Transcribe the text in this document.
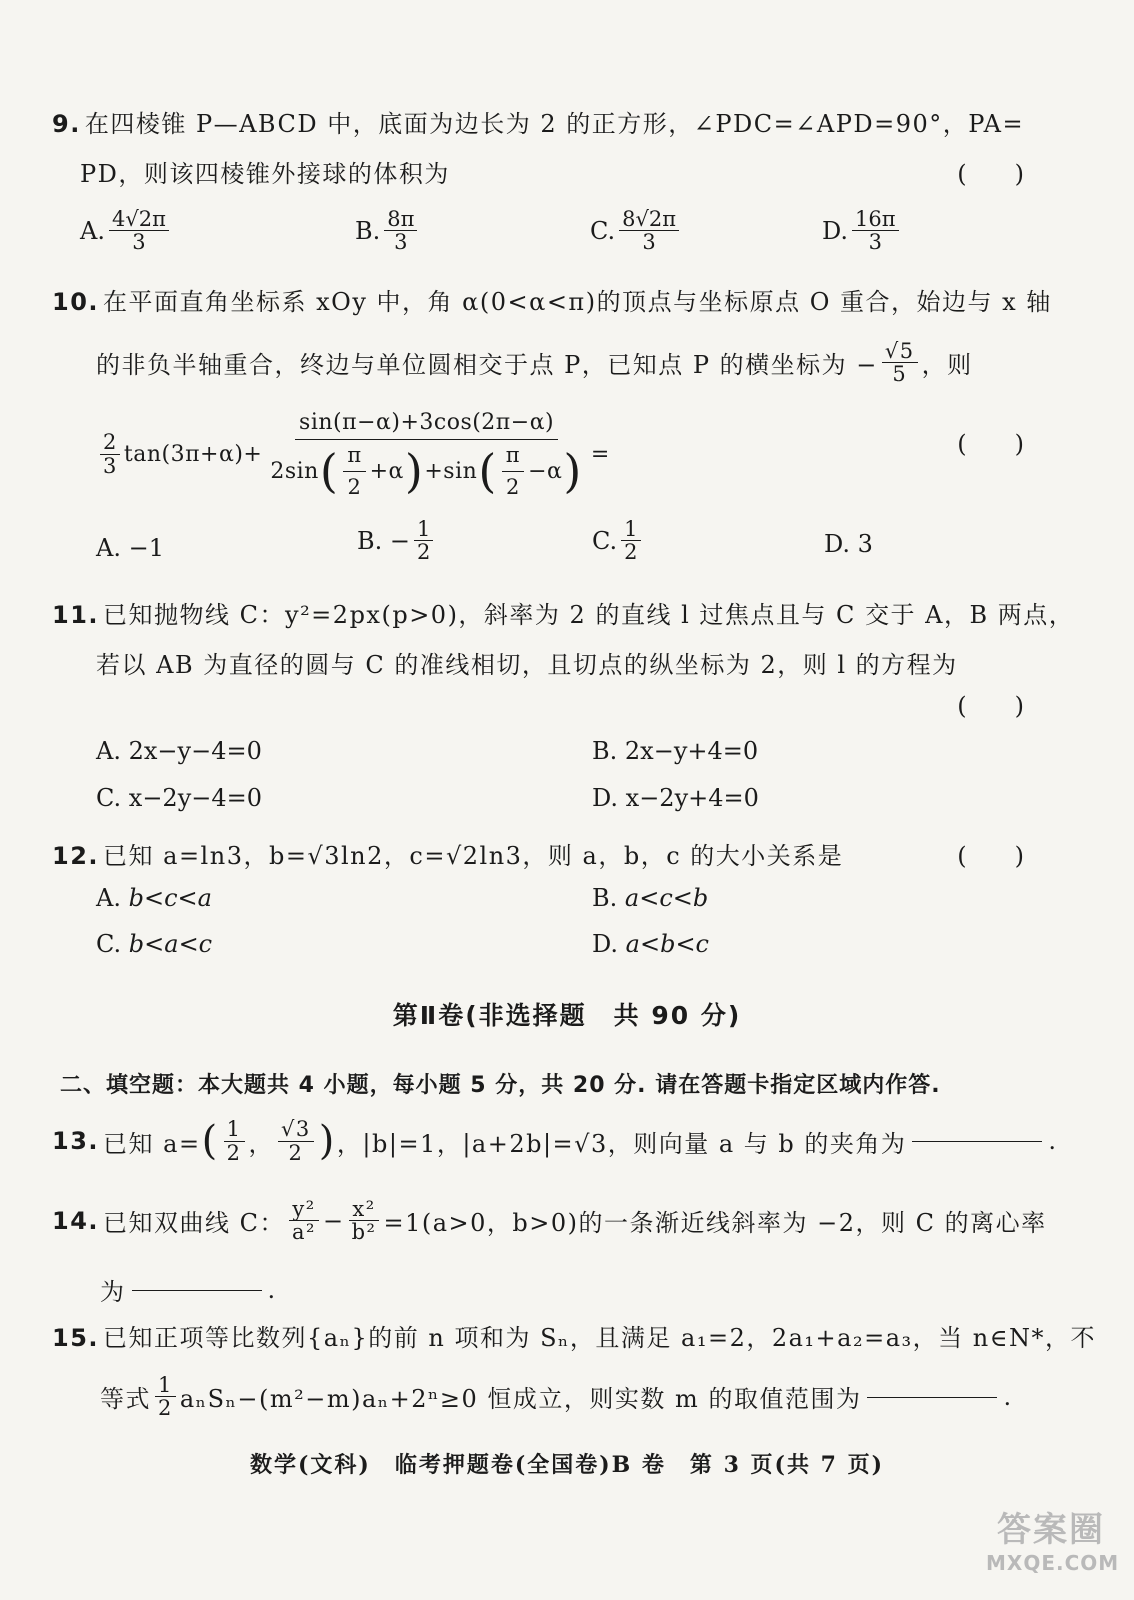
9. 在四棱锥 P—ABCD 中，底面为边长为 2 的正方形，∠PDC=∠APD=90°，PA=
PD，则该四棱锥外接球的体积为	(　　)
A. $\frac{4√2\pi}{3}$	B. $\frac{8\pi}{3}$	C. $\frac{8√2\pi}{3}$	D. $\frac{16\pi}{3}$
10. 在平面直角坐标系 xOy 中，角 α(0<α<π)的顶点与坐标原点 O 重合，始边与 x 轴
的非负半轴重合，终边与单位圆相交于点 P，已知点 P 的横坐标为 − $\frac{√5}{5}$ ，则
$\frac{2}{3} \tan(3\pi+\alpha)+$
sin(π−α)+3cos(2π−α)
2sin ( $\frac{\pi}{2} +\alpha$ ) +sin ( $\frac{\pi}{2} -\alpha$ ) =	(　　)
A.
−1	B.
− $\frac{1}{2}$	C. $\frac{1}{2}$	D.
3
11. 已知抛物线 C：y²=2px(p>0)，斜率为 2 的直线 l 过焦点且与 C 交于 A，B 两点，
若以 AB 为直径的圆与 C 的准线相切，且切点的纵坐标为 2，则 l 的方程为
(　　)
A.
2x−y−4=0	B.
2x−y+4=0
C.
x−2y−4=0	D.
x−2y+4=0
12. 已知 a=ln3，b=√3ln2，c=√2ln3，则 a，b，c 的大小关系是	(　　)
A.
b<c<a	B.
a<c<b
C.
b<a<c	D.
a<b<c
第Ⅱ卷(非选择题　共 90 分)
二、填空题：本大题共 4 小题，每小题 5 分，共 20 分. 请在答题卡指定区域内作答.
13. 已知 a= ( $\frac{1}{2}$ ， $\frac{√3}{2}$ ) ，|b|=1，|a+2b|=√3，则向量 a 与 b 的夹角为	.
14. 已知双曲线 C： $\frac{\text{y²}}{\text{a²}} - \frac{\text{x²}}{\text{b²}} =1(a>0$，b>0)的一条渐近线斜率为 −2，则 C 的离心率
为	.
15. 已知正项等比数列{aₙ}的前 n 项和为 Sₙ，且满足 a₁=2，2a₁+a₂=a₃，当 n∈N*，不
等式 $\frac{1}{2} a_nS_n-(m^2-m)a_n+2^n\ge 0$ 恒成立，则实数 m 的取值范围为	.
数学(文科)　临考押题卷(全国卷)B 卷　第 3 页(共 7 页)
答案圈
MXQE.COM
